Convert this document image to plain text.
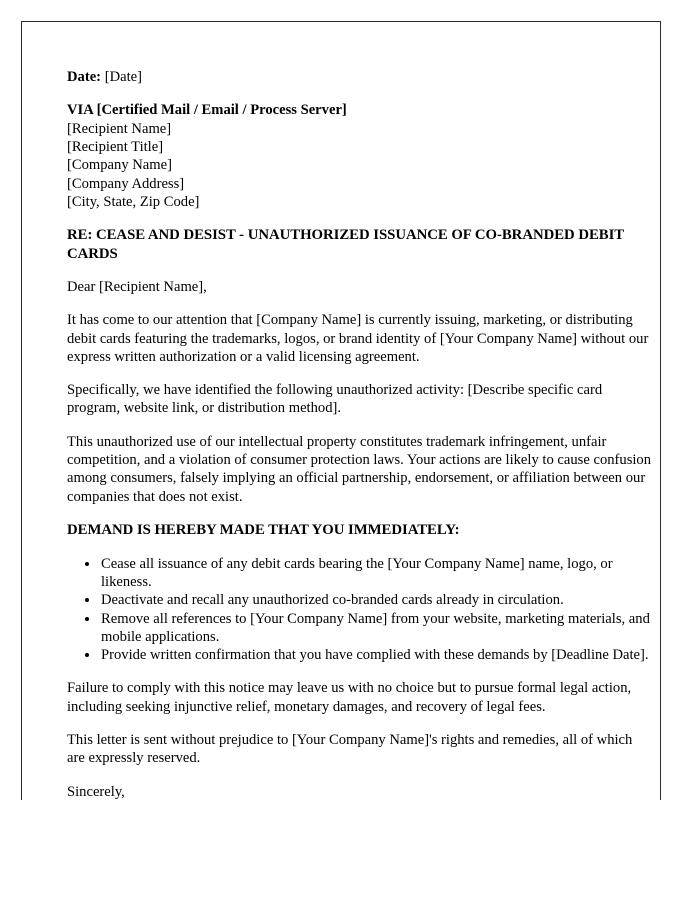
Date: [Date]
VIA [Certified Mail / Email / Process Server]
[Recipient Name]
[Recipient Title]
[Company Name]
[Company Address]
[City, State, Zip Code]
RE: CEASE AND DESIST - UNAUTHORIZED ISSUANCE OF CO-BRANDED DEBIT CARDS
Dear [Recipient Name],
It has come to our attention that [Company Name] is currently issuing, marketing, or distributing debit cards featuring the trademarks, logos, or brand identity of [Your Company Name] without our express written authorization or a valid licensing agreement.
Specifically, we have identified the following unauthorized activity: [Describe specific card program, website link, or distribution method].
This unauthorized use of our intellectual property constitutes trademark infringement, unfair competition, and a violation of consumer protection laws. Your actions are likely to cause confusion among consumers, falsely implying an official partnership, endorsement, or affiliation between our companies that does not exist.
DEMAND IS HEREBY MADE THAT YOU IMMEDIATELY:
• Cease all issuance of any debit cards bearing the [Your Company Name] name, logo, or likeness.
• Deactivate and recall any unauthorized co-branded cards already in circulation.
• Remove all references to [Your Company Name] from your website, marketing materials, and mobile applications.
• Provide written confirmation that you have complied with these demands by [Deadline Date].
Failure to comply with this notice may leave us with no choice but to pursue formal legal action, including seeking injunctive relief, monetary damages, and recovery of legal fees.
This letter is sent without prejudice to [Your Company Name]'s rights and remedies, all of which are expressly reserved.
Sincerely,
